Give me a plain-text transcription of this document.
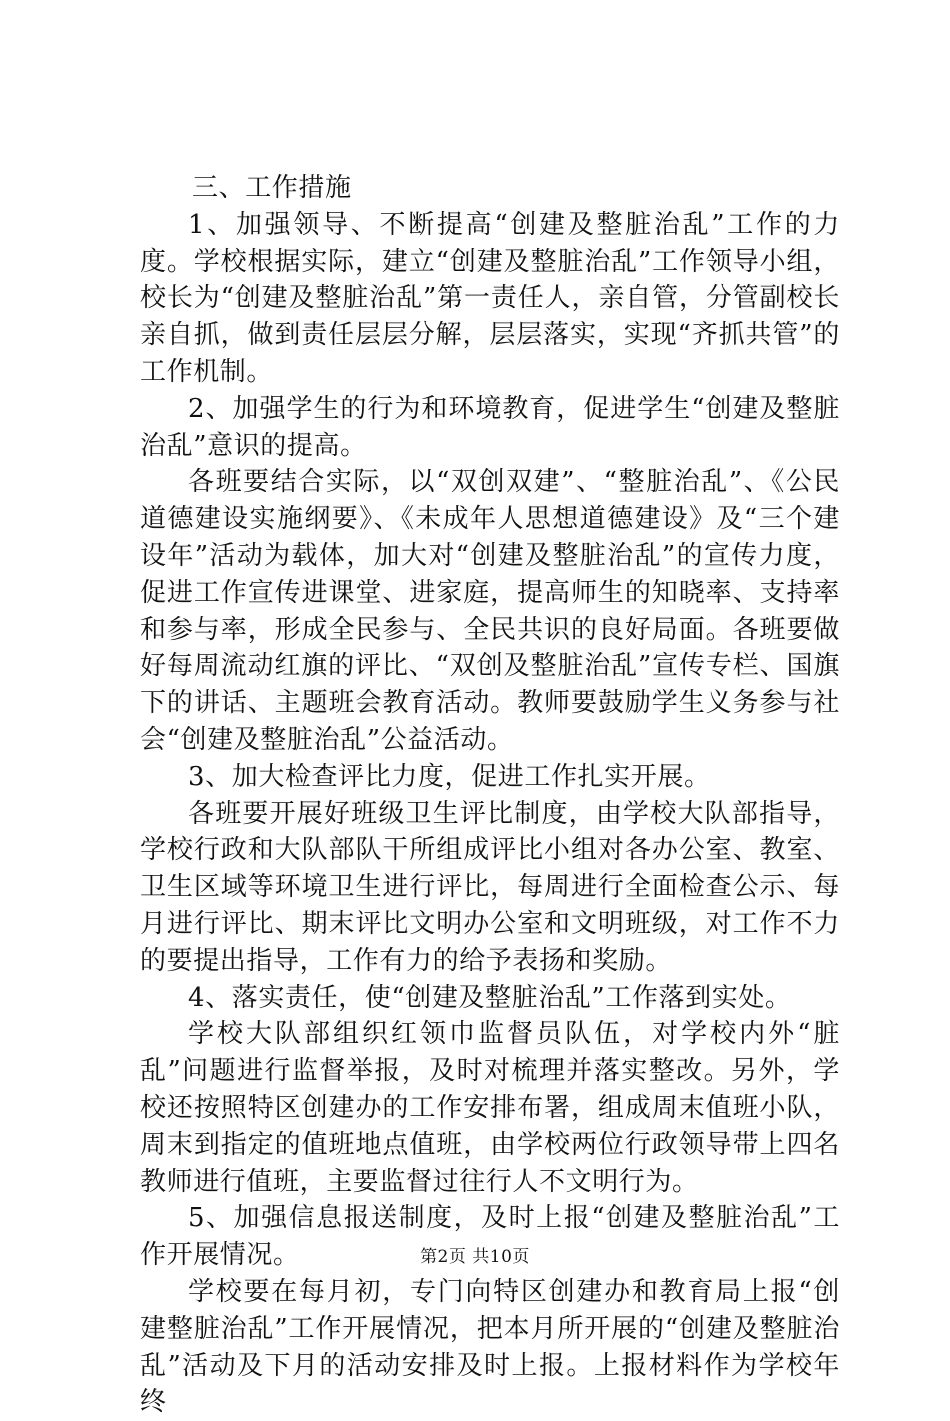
三、工作措施

1、加强领导、不断提高“创建及整脏治乱”工作的力度。学校根据实际，建立“创建及整脏治乱”工作领导小组，校长为“创建及整脏治乱”第一责任人，亲自管，分管副校长亲自抓，做到责任层层分解，层层落实，实现“齐抓共管”的工作机制。

2、加强学生的行为和环境教育，促进学生“创建及整脏治乱”意识的提高。

各班要结合实际，以“双创双建”、“整脏治乱”、《公民道德建设实施纲要》、《未成年人思想道德建设》及“三个建设年”活动为载体，加大对“创建及整脏治乱”的宣传力度，促进工作宣传进课堂、进家庭，提高师生的知晓率、支持率和参与率，形成全民参与、全民共识的良好局面。各班要做好每周流动红旗的评比、“双创及整脏治乱”宣传专栏、国旗下的讲话、主题班会教育活动。教师要鼓励学生义务参与社会“创建及整脏治乱”公益活动。

3、加大检查评比力度，促进工作扎实开展。

各班要开展好班级卫生评比制度，由学校大队部指导，学校行政和大队部队干所组成评比小组对各办公室、教室、卫生区域等环境卫生进行评比，每周进行全面检查公示、每月进行评比、期末评比文明办公室和文明班级，对工作不力的要提出指导，工作有力的给予表扬和奖励。

4、落实责任，使“创建及整脏治乱”工作落到实处。

学校大队部组织红领巾监督员队伍，对学校内外“脏乱”问题进行监督举报，及时对梳理并落实整改。另外，学校还按照特区创建办的工作安排布署，组成周末值班小队，周末到指定的值班地点值班，由学校两位行政领导带上四名教师进行值班，主要监督过往行人不文明行为。

5、加强信息报送制度，及时上报“创建及整脏治乱”工作开展情况。

学校要在每月初，专门向特区创建办和教育局上报“创建整脏治乱”工作开展情况，把本月所开展的“创建及整脏治乱”活动及下月的活动安排及时上报。上报材料作为学校年终

第2页 共10页
